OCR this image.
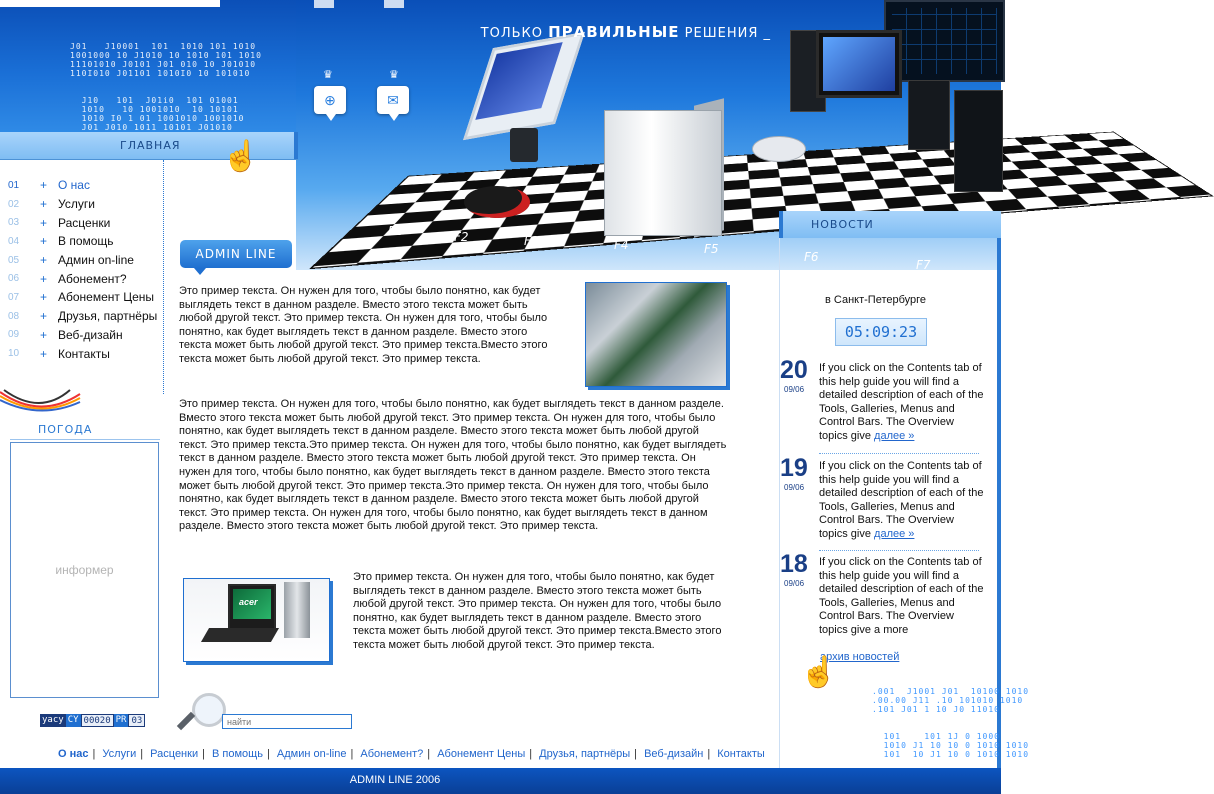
J01   J10001  101  1010 101 1010
1001000 10 J1010 10 1010 101 1010
11101010 J0101 J01 010 10 J01010
110I010 J01101 1010I0 10 101010

J10   101  J01i0  101 01001
1010   10 1001010  10 10101
1010 I0 1 01 1001010 1001010
J01 J010 1011 10101 J01010
F1	F2	F3	F4	F5
F6
F7
ТОЛЬКО ПРАВИЛЬНЫЕ РЕШЕНИЯ _
♛
⊕
♛
✉
ГЛАВНАЯ ☝
01	+ О нас
02	+ Услуги
03	+ Расценки
04	+ В помощь
05	+ Админ on-line
06	+ Абонемент?
07	+ Абонемент Цены
08	+ Друзья, партнёры
09	+ Веб-дизайн
10	+ Контакты
ПОГОДА
информер
yacy CY 00020 PR 03
ADMIN LINE
Это пример текста. Он нужен для того, чтобы было понятно, как будет выглядеть текст в данном разделе. Вместо этого текста может быть любой другой текст. Это пример текста. Он нужен для того, чтобы было понятно, как будет выглядеть текст в данном разделе. Вместо этого текста может быть любой другой текст. Это пример текста.Вместо этого текста может быть любой другой текст. Это пример текста.
Это пример текста. Он нужен для того, чтобы было понятно, как будет выглядеть текст в данном разделе. Вместо этого текста может быть любой другой текст. Это пример текста. Он нужен для того, чтобы было понятно, как будет выглядеть текст в данном разделе. Вместо этого текста может быть любой другой текст. Это пример текста.Это пример текста. Он нужен для того, чтобы было понятно, как будет выглядеть текст в данном разделе. Вместо этого текста может быть любой другой текст. Это пример текста. Он нужен для того, чтобы было понятно, как будет выглядеть текст в данном разделе. Вместо этого текста может быть любой другой текст. Это пример текста.Это пример текста. Он нужен для того, чтобы было понятно, как будет выглядеть текст в данном разделе. Вместо этого текста может быть любой другой текст. Это пример текста. Он нужен для того, чтобы было понятно, как будет выглядеть текст в данном разделе. Вместо этого текста может быть любой другой текст. Это пример текста.
acer
Это пример текста. Он нужен для того, чтобы было понятно, как будет выглядеть текст в данном разделе. Вместо этого текста может быть любой другой текст. Это пример текста. Он нужен для того, чтобы было понятно, как будет выглядеть текст в данном разделе. Вместо этого текста может быть любой другой текст. Это пример текста.Вместо этого текста может быть любой другой текст. Это пример текста.
найти
О нас | Услуги | Расценки | В помощь | Админ on-line | Абонемент? | Абонемент Цены | Друзья, партнёры | Веб-дизайн | Контакты
ADMIN LINE 2006
НОВОСТИ
в Санкт-Петербурге
05:09:23
20
09/06
If you click on the Contents tab of this help guide you will find a detailed description of each of the Tools, Galleries, Menus and Control Bars. The Overview topics give далее »
19
09/06
If you click on the Contents tab of this help guide you will find a detailed description of each of the Tools, Galleries, Menus and Control Bars. The Overview topics give далее »
18
09/06
If you click on the Contents tab of this help guide you will find a detailed description of each of the Tools, Galleries, Menus and Control Bars. The Overview topics give a more
архив новостей
☝
.001  J1001 J01  10100 1010
.00.00 J11 .10 101010 1010
.101 J01 1 10 J0 11010

101    101 1J 0 1000
1010 J1 10 10 0 1010 1010
101  10 J1 10 0 1010 1010
